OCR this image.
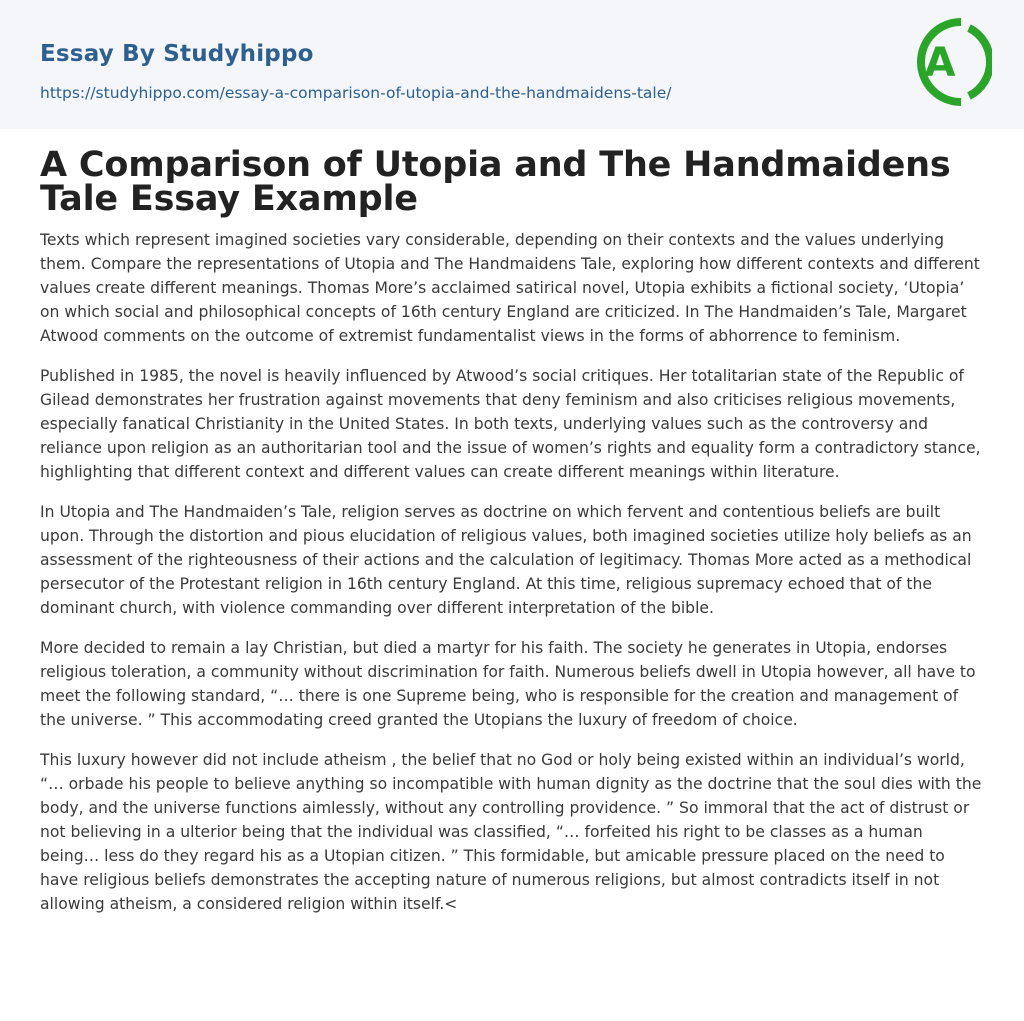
Essay By Studyhippo
https://studyhippo.com/essay-a-comparison-of-utopia-and-the-handmaidens-tale/
A
A Comparison of Utopia and The Handmaidens Tale Essay Example

Texts which represent imagined societies vary considerable, depending on their contexts and the values underlying them. Compare the representations of Utopia and The Handmaidens Tale, exploring how different contexts and different values create different meanings. Thomas More’s acclaimed satirical novel, Utopia exhibits a fictional society, ‘Utopia’ on which social and philosophical concepts of 16th century England are criticized. In The Handmaiden’s Tale, Margaret Atwood comments on the outcome of extremist fundamentalist views in the forms of abhorrence to feminism.

Published in 1985, the novel is heavily influenced by Atwood’s social critiques. Her totalitarian state of the Republic of Gilead demonstrates her frustration against movements that deny feminism and also criticises religious movements, especially fanatical Christianity in the United States. In both texts, underlying values such as the controversy and reliance upon religion as an authoritarian tool and the issue of women’s rights and equality form a contradictory stance, highlighting that different context and different values can create different meanings within literature.

In Utopia and The Handmaiden’s Tale, religion serves as doctrine on which fervent and contentious beliefs are built upon. Through the distortion and pious elucidation of religious values, both imagined societies utilize holy beliefs as an assessment of the righteousness of their actions and the calculation of legitimacy. Thomas More acted as a methodical persecutor of the Protestant religion in 16th century England. At this time, religious supremacy echoed that of the dominant church, with violence commanding over different interpretation of the bible.

More decided to remain a lay Christian, but died a martyr for his faith. The society he generates in Utopia, endorses religious toleration, a community without discrimination for faith. Numerous beliefs dwell in Utopia however, all have to meet the following standard, “… there is one Supreme being, who is responsible for the creation and management of the universe. ” This accommodating creed granted the Utopians the luxury of freedom of choice.

This luxury however did not include atheism , the belief that no God or holy being existed within an individual’s world, “… orbade his people to believe anything so incompatible with human dignity as the doctrine that the soul dies with the body, and the universe functions aimlessly, without any controlling providence. ” So immoral that the act of distrust or not believing in a ulterior being that the individual was classified, “… forfeited his right to be classes as a human being… less do they regard his as a Utopian citizen. ” This formidable, but amicable pressure placed on the need to have religious beliefs demonstrates the accepting nature of numerous religions, but almost contradicts itself in not allowing atheism, a considered religion within itself.<
